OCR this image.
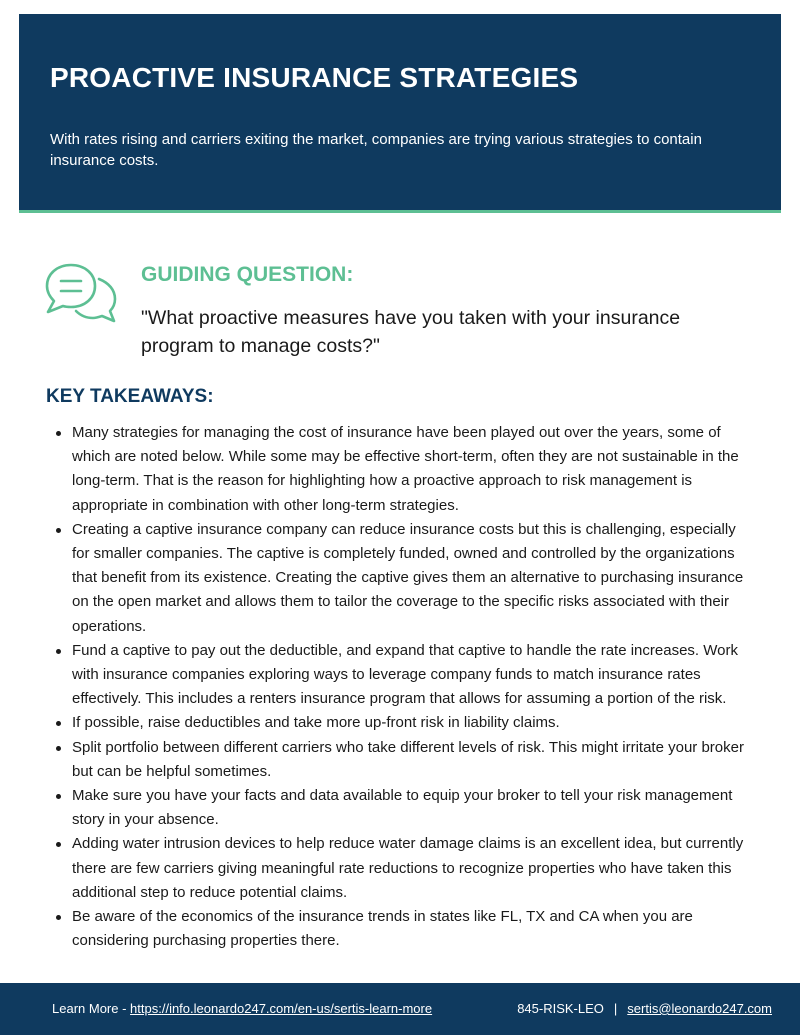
PROACTIVE INSURANCE STRATEGIES

With rates rising and carriers exiting the market, companies are trying various strategies to contain insurance costs.

GUIDING QUESTION:

"What proactive measures have you taken with your insurance program to manage costs?"

KEY TAKEAWAYS:
Many strategies for managing the cost of insurance have been played out over the years, some of which are noted below. While some may be effective short-term, often they are not sustainable in the long-term. That is the reason for highlighting how a proactive approach to risk management is appropriate in combination with other long-term strategies.
Creating a captive insurance company can reduce insurance costs but this is challenging, especially for smaller companies. The captive is completely funded, owned and controlled by the organizations that benefit from its existence. Creating the captive gives them an alternative to purchasing insurance on the open market and allows them to tailor the coverage to the specific risks associated with their operations.
Fund a captive to pay out the deductible, and expand that captive to handle the rate increases. Work with insurance companies exploring ways to leverage company funds to match insurance rates effectively. This includes a renters insurance program that allows for assuming a portion of the risk.
If possible, raise deductibles and take more up-front risk in liability claims.
Split portfolio between different carriers who take different levels of risk. This might irritate your broker but can be helpful sometimes.
Make sure you have your facts and data available to equip your broker to tell your risk management story in your absence.
Adding water intrusion devices to help reduce water damage claims is an excellent idea, but currently there are few carriers giving meaningful rate reductions to recognize properties who have taken this additional step to reduce potential claims.
Be aware of the economics of the insurance trends in states like FL, TX and CA when you are considering purchasing properties there.
Learn More - https://info.leonardo247.com/en-us/sertis-learn-more	845-RISK-LEO | sertis@leonardo247.com
